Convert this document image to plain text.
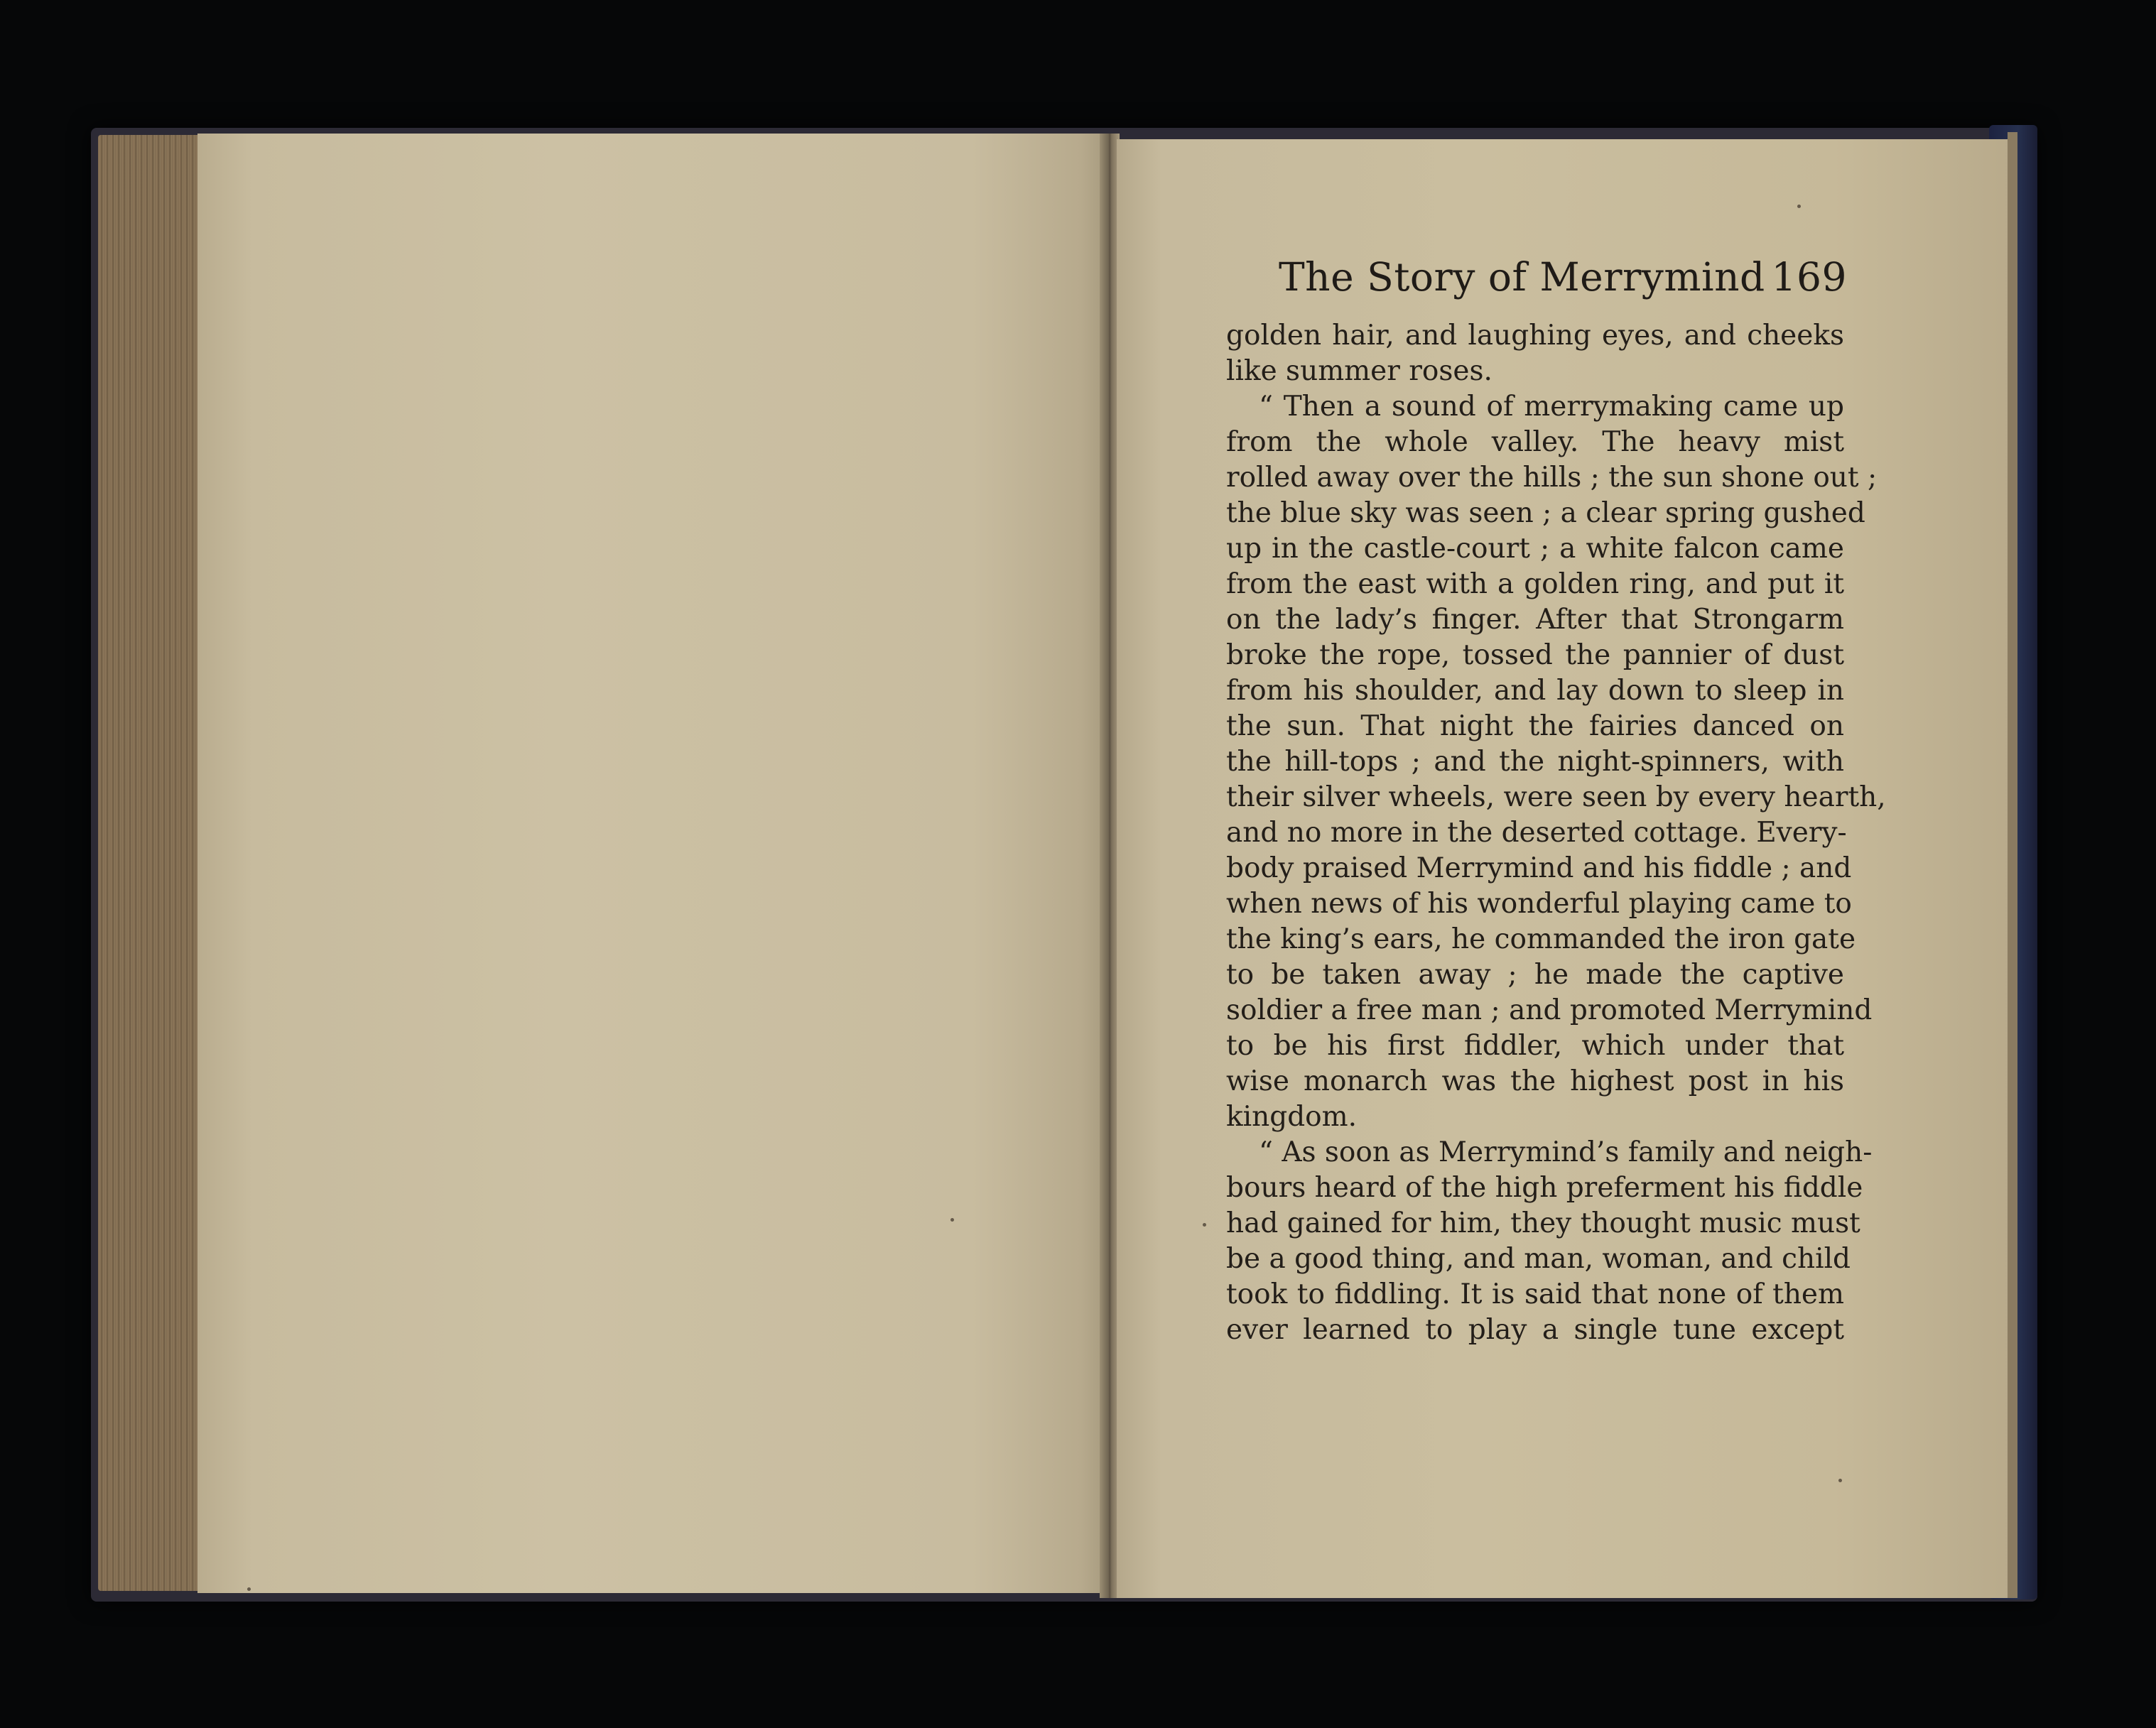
The Story of Merrymind 169
golden hair, and laughing eyes, and cheeks
like summer roses.
“ Then a sound of merrymaking came up
from the whole valley. The heavy mist
rolled away over the hills ; the sun shone out ;
the blue sky was seen ; a clear spring gushed
up in the castle-court ; a white falcon came
from the east with a golden ring, and put it
on the lady’s finger. After that Strongarm
broke the rope, tossed the pannier of dust
from his shoulder, and lay down to sleep in
the sun. That night the fairies danced on
the hill-tops ; and the night-spinners, with
their silver wheels, were seen by every hearth,
and no more in the deserted cottage. Every-
body praised Merrymind and his fiddle ; and
when news of his wonderful playing came to
the king’s ears, he commanded the iron gate
to be taken away ; he made the captive
soldier a free man ; and promoted Merrymind
to be his first fiddler, which under that
wise monarch was the highest post in his
kingdom.
“ As soon as Merrymind’s family and neigh-
bours heard of the high preferment his fiddle
had gained for him, they thought music must
be a good thing, and man, woman, and child
took to fiddling. It is said that none of them
ever learned to play a single tune except
